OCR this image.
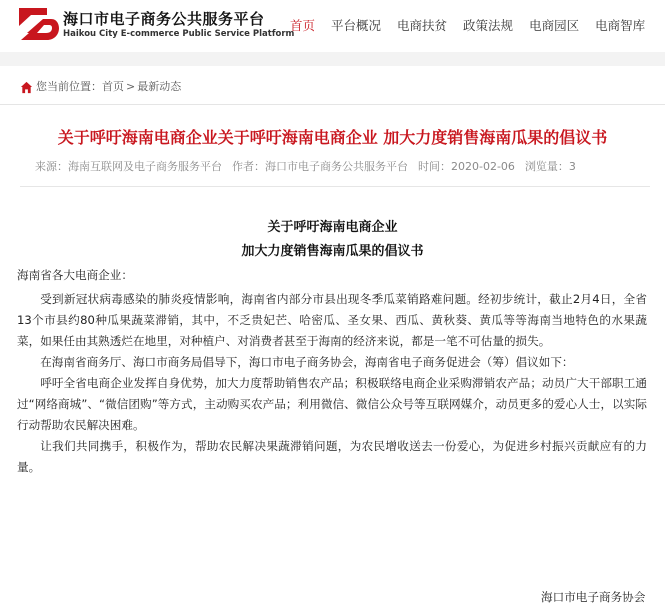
海口市电子商务公共服务平台
Haikou City E-commerce Public Service Platform
首页 平台概况 电商扶贫 政策法规 电商园区 电商智库
您当前位置：首页 > 最新动态
关于呼吁海南电商企业关于呼吁海南电商企业 加大力度销售海南瓜果的倡议书
来源：海南互联网及电子商务服务平台 作者：海口市电子商务公共服务平台 时间：2020-02-06 浏览量：3
关于呼吁海南电商企业
加大力度销售海南瓜果的倡议书

海南省各大电商企业：

受到新冠状病毒感染的肺炎疫情影响，海南省内部分市县出现冬季瓜菜销路难问题。经初步统计，截止2月4日，全省13个市县约80种瓜果蔬菜滞销，其中，不乏贵妃芒、哈密瓜、圣女果、西瓜、黄秋葵、黄瓜等等海南当地特色的水果蔬菜，如果任由其熟透烂在地里，对种植户、对消费者甚至于海南的经济来说，都是一笔不可估量的损失。

在海南省商务厅、海口市商务局倡导下，海口市电子商务协会，海南省电子商务促进会（筹）倡议如下：

呼吁全省电商企业发挥自身优势，加大力度帮助销售农产品；积极联络电商企业采购滞销农产品；动员广大干部职工通过“网络商城”、“微信团购”等方式，主动购买农产品；利用微信、微信公众号等互联网媒介，动员更多的爱心人士，以实际行动帮助农民解决困难。

让我们共同携手，积极作为，帮助农民解决果蔬滞销问题，为农民增收送去一份爱心，为促进乡村振兴贡献应有的力量。

海口市电子商务协会
